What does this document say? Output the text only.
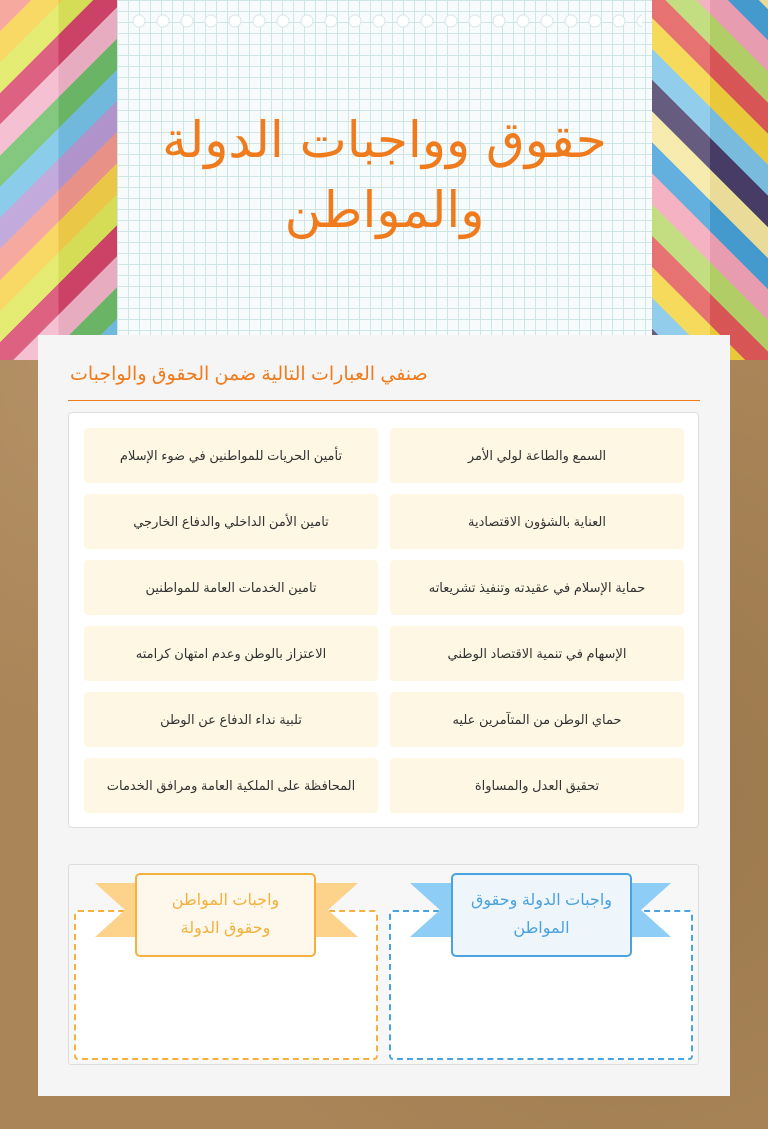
حقوق وواجبات الدولة
والمواطن
صنفي العبارات التالية ضمن الحقوق والواجبات
السمع والطاعة لولي الأمر
تأمين الحريات للمواطنين في ضوء الإسلام
العناية بالشؤون الاقتصادية
تامين الأمن الداخلي والدفاع الخارجي
حماية الإسلام في عقيدته وتنفيذ تشريعاته
تامين الخدمات العامة للمواطنين
الإسهام في تنمية الاقتصاد الوطني
الاعتزاز بالوطن وعدم امتهان كرامته
حماي الوطن من المتآمرين عليه
تلبية نداء الدفاع عن الوطن
تحقيق العدل والمساواة
المحافظة على الملكية العامة ومرافق الخدمات
واجبات الدولة وحقوق المواطن
واجبات المواطن وحقوق الدولة
